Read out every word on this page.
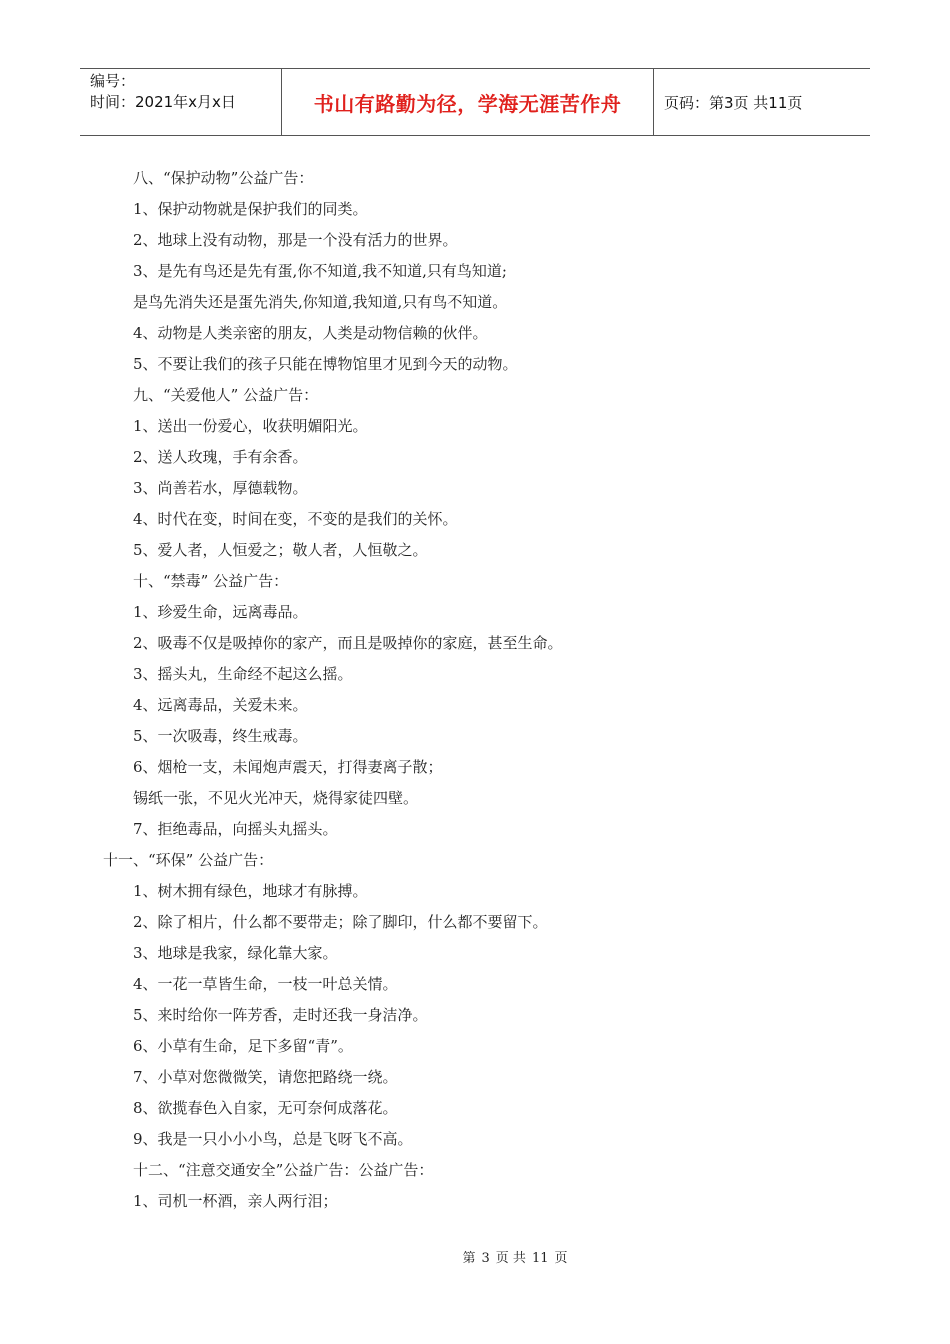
编号：
时间：2021年x月x日	书山有路勤为径，学海无涯苦作舟	页码：第3页 共11页
八、“保护动物”公益广告：
1、保护动物就是保护我们的同类。
2、地球上没有动物，那是一个没有活力的世界。
3、是先有鸟还是先有蛋,你不知道,我不知道,只有鸟知道;
是鸟先消失还是蛋先消失,你知道,我知道,只有鸟不知道。
4、动物是人类亲密的朋友，人类是动物信赖的伙伴。
5、不要让我们的孩子只能在博物馆里才见到今天的动物。
九、“关爱他人” 公益广告：
1、送出一份爱心，收获明媚阳光。
2、送人玫瑰，手有余香。
3、尚善若水，厚德载物。
4、时代在变，时间在变，不变的是我们的关怀。
5、爱人者，人恒爱之；敬人者，人恒敬之。
十、“禁毒” 公益广告：
1、珍爱生命，远离毒品。
2、吸毒不仅是吸掉你的家产，而且是吸掉你的家庭，甚至生命。
3、摇头丸，生命经不起这么摇。
4、远离毒品，关爱未来。
5、一次吸毒，终生戒毒。
6、烟枪一支，未闻炮声震天，打得妻离子散；
锡纸一张，不见火光冲天，烧得家徒四壁。
7、拒绝毒品，向摇头丸摇头。
十一、“环保” 公益广告：
1、树木拥有绿色，地球才有脉搏。
2、除了相片，什么都不要带走；除了脚印，什么都不要留下。
3、地球是我家，绿化靠大家。
4、一花一草皆生命，一枝一叶总关情。
5、来时给你一阵芳香，走时还我一身洁净。
6、小草有生命，足下多留“青”。
7、小草对您微微笑，请您把路绕一绕。
8、欲揽春色入自家，无可奈何成落花。
9、我是一只小小小鸟，总是飞呀飞不高。
十二、“注意交通安全”公益广告：公益广告：
1、司机一杯酒，亲人两行泪；
第 3 页 共 11 页
